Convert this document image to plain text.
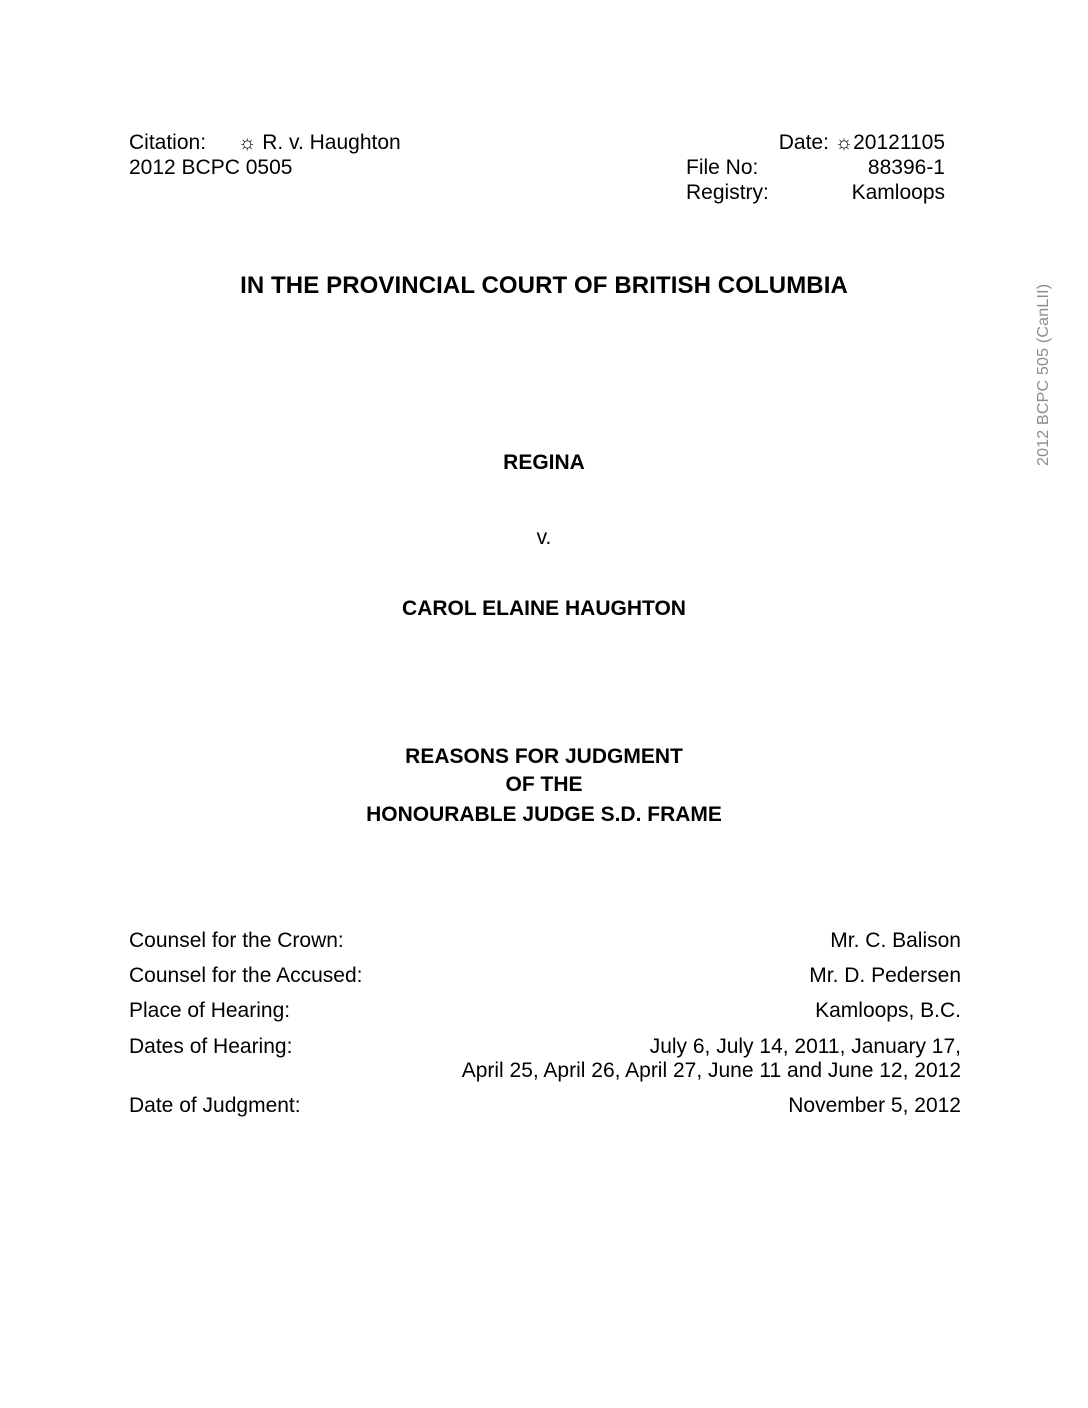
Citation: ☼ R. v. Haughton
2012 BCPC 0505
Date: ☼20121105
File No:	88396-1
Registry:	Kamloops
IN THE PROVINCIAL COURT OF BRITISH COLUMBIA
REGINA
v.
CAROL ELAINE HAUGHTON
REASONS FOR JUDGMENT
OF THE
HONOURABLE JUDGE S.D. FRAME
Counsel for the Crown:	Mr. C. Balison
Counsel for the Accused:	Mr. D. Pedersen
Place of Hearing:	Kamloops, B.C.
Dates of Hearing:	July 6, July 14, 2011, January 17,
April 25, April 26, April 27, June 11 and June 12, 2012
Date of Judgment:	November 5, 2012
2012 BCPC 505 (CanLII)
